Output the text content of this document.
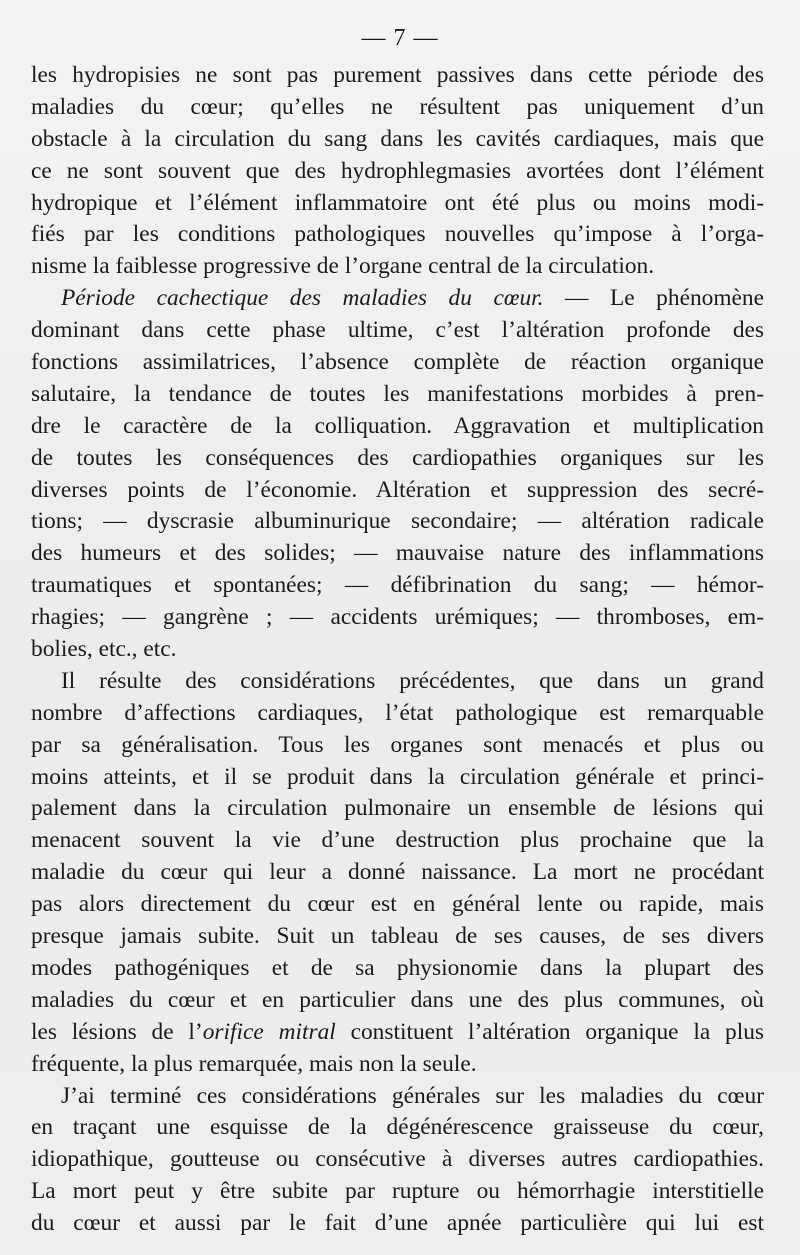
— 7 —
les hydropisies ne sont pas purement passives dans cette période des
maladies du cœur; qu’elles ne résultent pas uniquement d’un
obstacle à la circulation du sang dans les cavités cardiaques, mais que
ce ne sont souvent que des hydrophlegmasies avortées dont l’élément
hydropique et l’élément inflammatoire ont été plus ou moins modi-
fiés par les conditions pathologiques nouvelles qu’impose à l’orga-
nisme la faiblesse progressive de l’organe central de la circulation.
Période cachectique des maladies du cœur. — Le phénomène
dominant dans cette phase ultime, c’est l’altération profonde des
fonctions assimilatrices, l’absence complète de réaction organique
salutaire, la tendance de toutes les manifestations morbides à pren-
dre le caractère de la colliquation. Aggravation et multiplication
de toutes les conséquences des cardiopathies organiques sur les
diverses points de l’économie. Altération et suppression des secré-
tions; — dyscrasie albuminurique secondaire; — altération radicale
des humeurs et des solides; — mauvaise nature des inflammations
traumatiques et spontanées; — défibrination du sang; — hémor-
rhagies; — gangrène ; — accidents urémiques; — thromboses, em-
bolies, etc., etc.
Il résulte des considérations précédentes, que dans un grand
nombre d’affections cardiaques, l’état pathologique est remarquable
par sa généralisation. Tous les organes sont menacés et plus ou
moins atteints, et il se produit dans la circulation générale et princi-
palement dans la circulation pulmonaire un ensemble de lésions qui
menacent souvent la vie d’une destruction plus prochaine que la
maladie du cœur qui leur a donné naissance. La mort ne procédant
pas alors directement du cœur est en général lente ou rapide, mais
presque jamais subite. Suit un tableau de ses causes, de ses divers
modes pathogéniques et de sa physionomie dans la plupart des
maladies du cœur et en particulier dans une des plus communes, où
les lésions de l’orifice mitral constituent l’altération organique la plus
fréquente, la plus remarquée, mais non la seule.
J’ai terminé ces considérations générales sur les maladies du cœur
en traçant une esquisse de la dégénérescence graisseuse du cœur,
idiopathique, goutteuse ou consécutive à diverses autres cardiopathies.
La mort peut y être subite par rupture ou hémorrhagie interstitielle
du cœur et aussi par le fait d’une apnée particulière qui lui est
